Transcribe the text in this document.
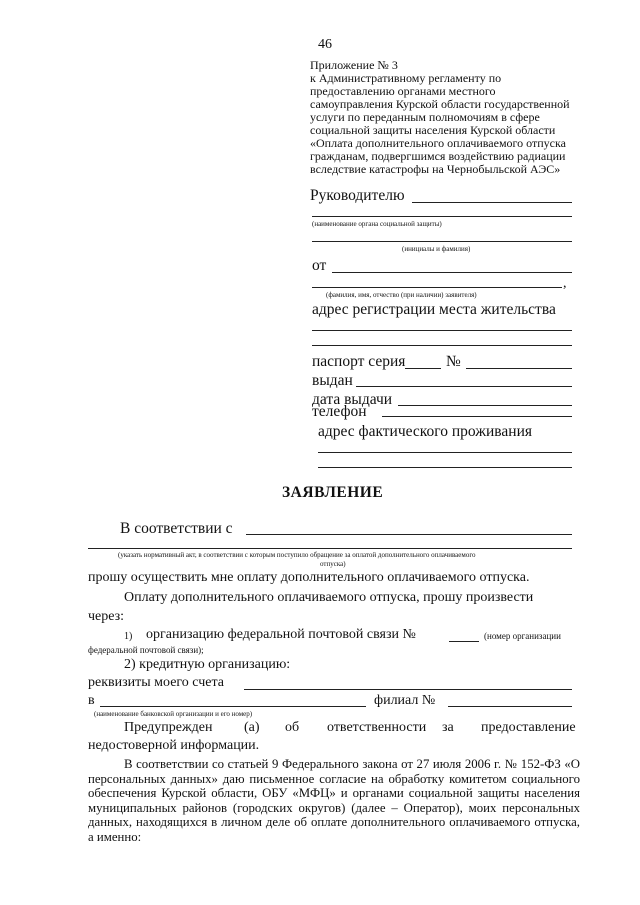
46
Приложение № 3
к Административному регламенту по
предоставлению органами местного
самоуправления Курской области государственной
услуги по переданным полномочиям в сфере
социальной защиты населения Курской области
«Оплата дополнительного оплачиваемого отпуска
гражданам, подвергшимся воздействию радиации
вследствие катастрофы на Чернобыльской АЭС»
Руководителю
(наименование органа социальной защиты)
(инициалы и фамилия)
от
,
(фамилия, имя, отчество (при наличии) заявителя)
адрес регистрации места жительства
паспорт серия	№
выдан
дата выдачи
телефон
адрес фактического проживания
ЗАЯВЛЕНИЕ
В соответствии с
(указать нормативный акт, в соответствии с которым поступило обращение за оплатой дополнительного оплачиваемого
отпуска)
прошу осуществить мне оплату дополнительного оплачиваемого отпуска.
Оплату дополнительного оплачиваемого отпуска, прошу произвести
через:
1) организацию федеральной почтовой связи №	(номер организации
федеральной почтовой связи);
2) кредитную организацию:
реквизиты моего счета
в	филиал №
(наименование банковской организации и его номер)
Предупрежден (а) об ответственности за предоставление
недостоверной информации.
В соответствии со статьей 9 Федерального закона от 27 июля 2006 г. № 152-ФЗ «О персональных данных» даю письменное согласие на обработку комитетом социального обеспечения Курской области, ОБУ «МФЦ» и органами социальной защиты населения муниципальных районов (городских округов) (далее – Оператор), моих персональных данных, находящихся в личном деле об оплате дополнительного оплачиваемого отпуска, а именно:
